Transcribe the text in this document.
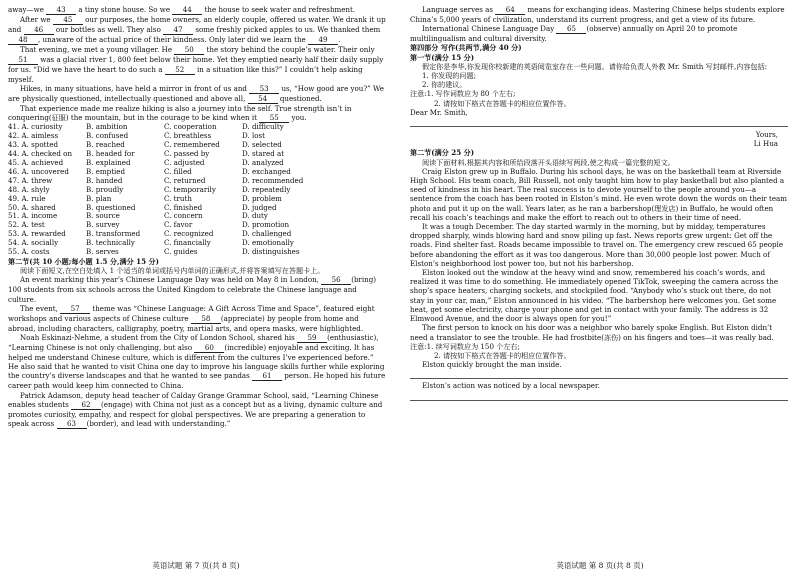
away—we 43 a tiny stone house. So we 44 the house to seek water and refreshment.

After we 45 our purposes, the home owners, an elderly couple, offered us water. We drank it up and 46 our bottles as well. They also 47 some freshly picked apples to us. We thanked them 48 , unaware of the actual price of their kindness. Only later did we learn the 49 .

That evening, we met a young villager. He 50 the story behind the couple’s water. Their only 51 was a glacial river 1, 800 feet below their home. Yet they emptied nearly half their daily supply for us. “Did we have the heart to do such a 52 in a situation like this?” I couldn’t help asking myself.

Hikes, in many situations, have held a mirror in front of us and 53 us, “How good are you?” We are physically questioned, intellectually questioned and above all, 54 questioned.

That experience made me realize hiking is also a journey into the self. True strength isn’t in conquering(征服) the mountain, but in the courage to be kind when it 55 you.

41. A. curiosity	B. ambition	C. cooperation	D. difficulty
42. A. aimless	B. confused	C. breathless	D. lost
43. A. spotted	B. reached	C. remembered	D. selected
44. A. checked on	B. headed for	C. passed by	D. stared at
45. A. achieved	B. explained	C. adjusted	D. analyzed
46. A. uncovered	B. emptied	C. filled	D. exchanged
47. A. threw	B. handed	C. returned	D. recommended
48. A. shyly	B. proudly	C. temporarily	D. repeatedly
49. A. rule	B. plan	C. truth	D. problem
50. A. shared	B. questioned	C. finished	D. judged
51. A. income	B. source	C. concern	D. duty
52. A. test	B. survey	C. favor	D. promotion
53. A. rewarded	B. transformed	C. recognized	D. challenged
54. A. socially	B. technically	C. financially	D. emotionally
55. A. costs	B. serves	C. guides	D. distinguishes

第二节(共 10 小题;每小题 1.5 分,满分 15 分)

阅读下面短文,在空白处填入 1 个适当的单词或括号内单词的正确形式,并将答案填写在答题卡上。

An event marking this year’s Chinese Language Day was held on May 8 in London, 56 (bring) 100 students from six schools across the United Kingdom to celebrate the Chinese language and culture.

The event, 57 theme was “Chinese Language: A Gift Across Time and Space”, featured eight workshops and various aspects of Chinese culture 58 (appreciate) by people from home and abroad, including characters, calligraphy, poetry, martial arts, and opera masks, were highlighted.

Noah Eskinazi-Nehme, a student from the City of London School, shared his 59 (enthusiastic), “Learning Chinese is not only challenging, but also 60 (incredible) enjoyable and exciting. It has helped me understand Chinese culture, which is different from the cultures I’ve experienced before.” He also said that he wanted to visit China one day to improve his language skills further while exploring the country’s diverse landscapes and that he wanted to see pandas 61 person. He hoped his future career path would keep him connected to China.

Patrick Adamson, deputy head teacher of Calday Grange Grammar School, said, “Learning Chinese enables students 62 (engage) with China not just as a concept but as a living, dynamic culture and promotes curiosity, empathy, and respect for global perspectives. We are preparing a generation to speak across 63 (border), and lead with understanding.”

英语试题 第 7 页(共 8 页)

Language serves as 64 means for exchanging ideas. Mastering Chinese helps students explore China’s 5,000 years of civilization, understand its current progress, and get a view of its future.

International Chinese Language Day 65 (observe) annually on April 20 to promote multilingualism and cultural diversity.

第四部分 写作(共两节,满分 40 分)

第一节(满分 15 分)

假定你是李华,你发现你校新建的英语阅览室存在一些问题。请你给负责人外教 Mr. Smith 写封邮件,内容包括:

1. 你发现的问题;

2. 你的建议。

注意:1. 写作词数应为 80 个左右;

2. 请按如下格式在答题卡的相应位置作答。

Dear Mr. Smith,

Yours,

Li Hua

第二节(满分 25 分)

阅读下面材料,根据其内容和所给段落开头语续写两段,使之构成一篇完整的短文。

Craig Elston grew up in Buffalo. During his school days, he was on the basketball team at Riverside High School. His team coach, Bill Russell, not only taught him how to play basketball but also planted a seed of kindness in his heart. The real success is to devote yourself to the people around you—a sentence from the coach has been rooted in Elston’s mind. He even wrote down the words on their team photo and put it up on the wall. Years later, as he ran a barbershop(理发店) in Buffalo, he would often recall his coach’s teachings and make the effort to reach out to others in their time of need.

It was a tough December. The day started warmly in the morning, but by midday, temperatures dropped sharply, winds blowing hard and snow piling up fast. News reports grew urgent: Get off the roads. Find shelter fast. Roads became impossible to travel on. The emergency crew rescued 65 people before abandoning the effort as it was too dangerous. More than 30,000 people lost power. Much of Elston’s neighborhood lost power too, but not his barbershop.

Elston looked out the window at the heavy wind and snow, remembered his coach’s words, and realized it was time to do something. He immediately opened TikTok, sweeping the camera across the shop’s space heaters, charging sockets, and stockpiled food. “Anybody who’s stuck out there, do not stay in your car, man,” Elston announced in his video. “The barbershop here welcomes you. Get some heat, get some electricity, charge your phone and get in contact with your family. The address is 32 Elmwood Avenue, and the door is always open for you!”

The first person to knock on his door was a neighbor who barely spoke English. But Elston didn’t need a translator to see the trouble. He had frostbite(冻伤) on his fingers and toes—it was really bad.

注意:1. 续写词数应为 150 个左右;

2. 请按如下格式在答题卡的相应位置作答。

Elston quickly brought the man inside.

Elston’s action was noticed by a local newspaper.

英语试题 第 8 页(共 8 页)
